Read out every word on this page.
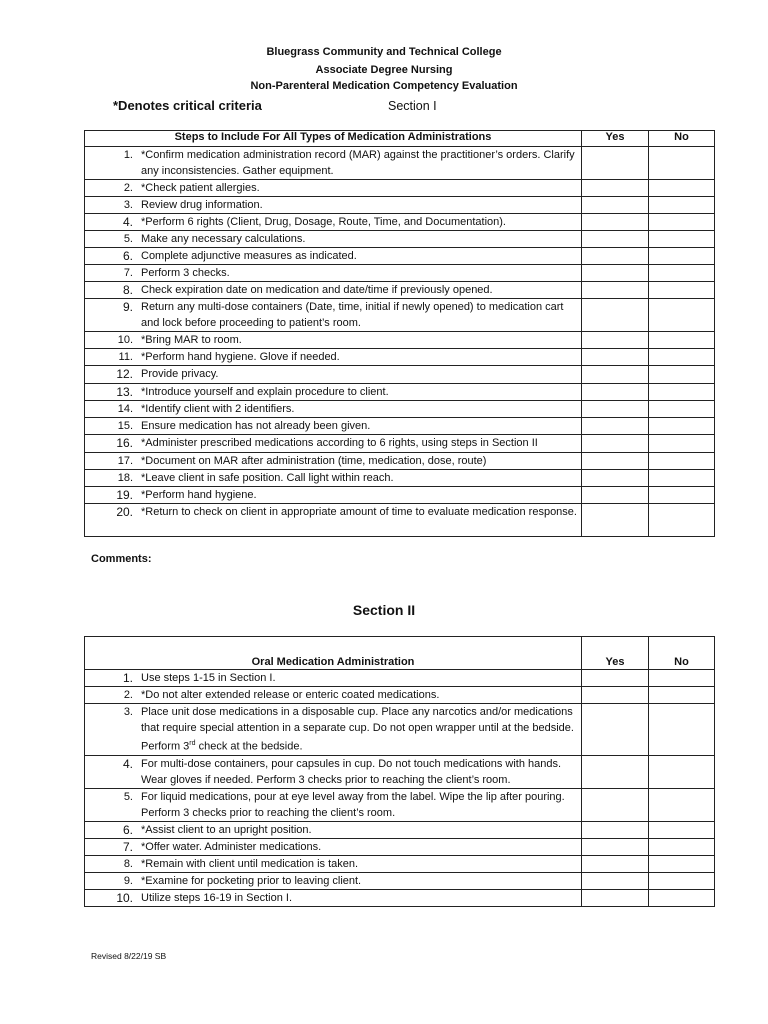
Bluegrass Community and Technical College
Associate Degree Nursing
Non-Parenteral Medication Competency Evaluation
*Denotes critical criteria	Section I
Steps to Include For All Types of Medication Administrations	Yes	No

1. *Confirm medication administration record (MAR) against the practitioner’s orders. Clarify any inconsistencies. Gather equipment.		

2. *Check patient allergies.		

3. Review drug information.		

4. *Perform 6 rights (Client, Drug, Dosage, Route, Time, and Documentation).		

5. Make any necessary calculations.		

6. Complete adjunctive measures as indicated.		

7. Perform 3 checks.		

8. Check expiration date on medication and date/time if previously opened.		

9. Return any multi-dose containers (Date, time, initial if newly opened) to medication cart and lock before proceeding to patient’s room.		

10. *Bring MAR to room.		

11. *Perform hand hygiene. Glove if needed.		

12. Provide privacy.		

13. *Introduce yourself and explain procedure to client.		

14. *Identify client with 2 identifiers.		

15. Ensure medication has not already been given.		

16. *Administer prescribed medications according to 6 rights, using steps in Section II		

17. *Document on MAR after administration (time, medication, dose, route)		

18. *Leave client in safe position. Call light within reach.		

19. *Perform hand hygiene.		

20. *Return to check on client in appropriate amount of time to evaluate medication response.		

Comments:
Section II
Oral Medication Administration	Yes	No

1. Use steps 1-15 in Section I.		

2. *Do not alter extended release or enteric coated medications.		

3. Place unit dose medications in a disposable cup. Place any narcotics and/or medications that require special attention in a separate cup. Do not open wrapper until at the bedside. Perform 3rd check at the bedside.		

4. For multi-dose containers, pour capsules in cup. Do not touch medications with hands. Wear gloves if needed. Perform 3 checks prior to reaching the client’s room.		

5. For liquid medications, pour at eye level away from the label. Wipe the lip after pouring. Perform 3 checks prior to reaching the client’s room.		

6. *Assist client to an upright position.		

7. *Offer water. Administer medications.		

8. *Remain with client until medication is taken.		

9. *Examine for pocketing prior to leaving client.		

10. Utilize steps 16-19 in Section I.		

Revised 8/22/19 SB
